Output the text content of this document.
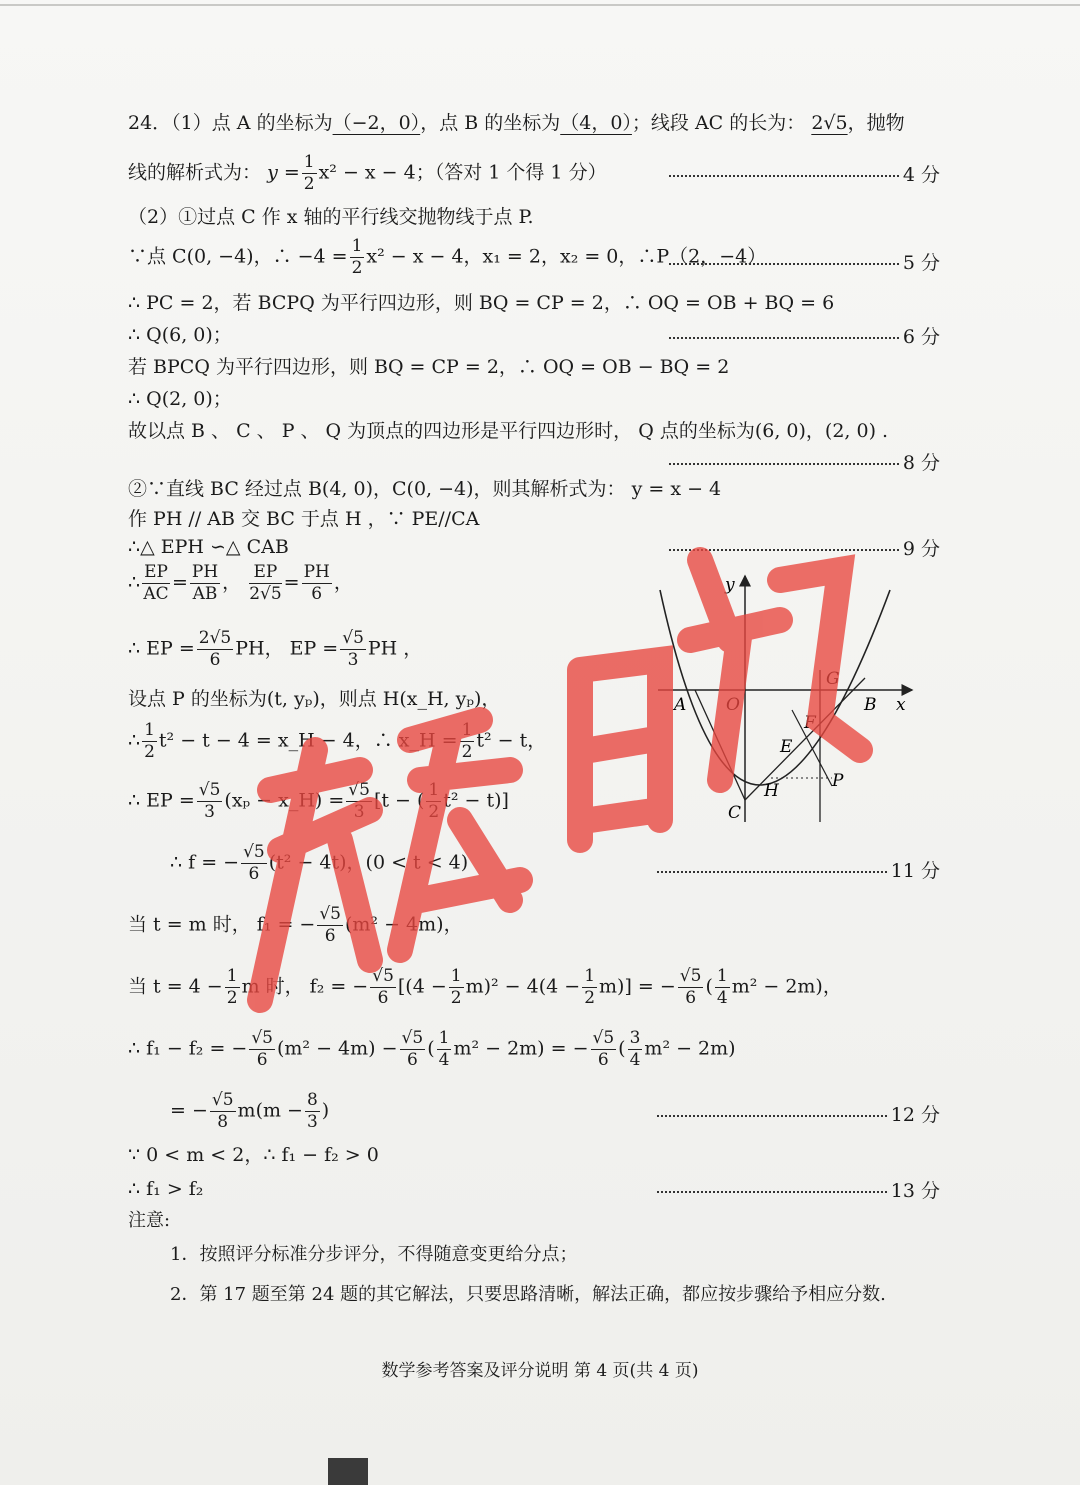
24．（1）点 A 的坐标为（−2，0），点 B 的坐标为（4，0）；线段 AC 的长为： 2√5，抛物
线的解析式为： $y = \frac{1}{2} x^2 - x - 4$；（答对 1 个得 1 分）	4 分
（2）①过点 C 作 x 轴的平行线交抛物线于点 P.
∵点 C(0, −4)，∴ $-4 = \frac{1}{2} x^2 - x - 4$，x₁ = 2，x₂ = 0，∴P（2，−4）	5 分
∴ PC = 2，若 BCPQ 为平行四边形，则 BQ = CP = 2，∴ OQ = OB + BQ = 6
∴ Q(6, 0)；	6 分
若 BPCQ 为平行四边形，则 BQ = CP = 2，∴ OQ = OB − BQ = 2
∴ Q(2, 0)；
故以点 B 、 C 、 P 、 Q 为顶点的四边形是平行四边形时， Q 点的坐标为(6, 0)，(2, 0) .
8 分
②∵直线 BC 经过点 B(4, 0)，C(0, −4)，则其解析式为： y = x − 4
作 PH // AB 交 BC 于点 H ，∵ PE//CA
∴△ EPH ∽△ CAB	9 分
∴ $\frac{EP}{AC} = \frac{PH}{AB}$ ， $\frac{EP}{2√5} = \frac{PH}{6}$ ，
∴ EP = $\frac{2√5}{6}$ PH， EP = $\frac{√5}{3}$ PH ，
设点 P 的坐标为(t, yₚ)，则点 H(x_H, yₚ)，
∴ $\frac{1}{2} t^2 - t - 4$ = x_H − 4，∴ x_H = $\frac{1}{2} t^2 - t$，
∴ EP = $\frac{√5}{3} (x_p$ − x_H) = $\frac{√5}{3} [t$ − ( $\frac{1}{2} t^2 - t$)]
∴ f = − $\frac{√5}{6} (t^2 - 4t)$，(0 < t < 4)	11 分
当 t = m 时， f₁ = − $\frac{√5}{6} (m^2 - 4m)$，
当 $t = 4 - \frac{1}{2}$ m 时， f₂ = − $\frac{√5}{6} [(4 - \frac{1}{2} m)^2 - 4(4 - \frac{1}{2} m)]$ = − $\frac{√5}{6}$ ( $\frac{1}{4} m^2 - 2m$)，
∴ f₁ − f₂ = − $\frac{√5}{6} (m^2 - 4m) - \frac{√5}{6}$ ( $\frac{1}{4} m^2 - 2m$) = − $\frac{√5}{6}$ ( $\frac{3}{4} m^2 - 2m$)
= − $\frac{√5}{8} m(m - \frac{8}{3}$ )	12 分
∵ 0 < m < 2，∴ f₁ − f₂ > 0
∴ f₁ > f₂	13 分
注意:
1．按照评分标准分步评分，不得随意变更给分点；
2．第 17 题至第 24 题的其它解法，只要思路清晰，解法正确，都应按步骤给予相应分数.
数学参考答案及评分说明 第 4 页(共 4 页)
y
A O
G
B x
F
E
P
H
C
